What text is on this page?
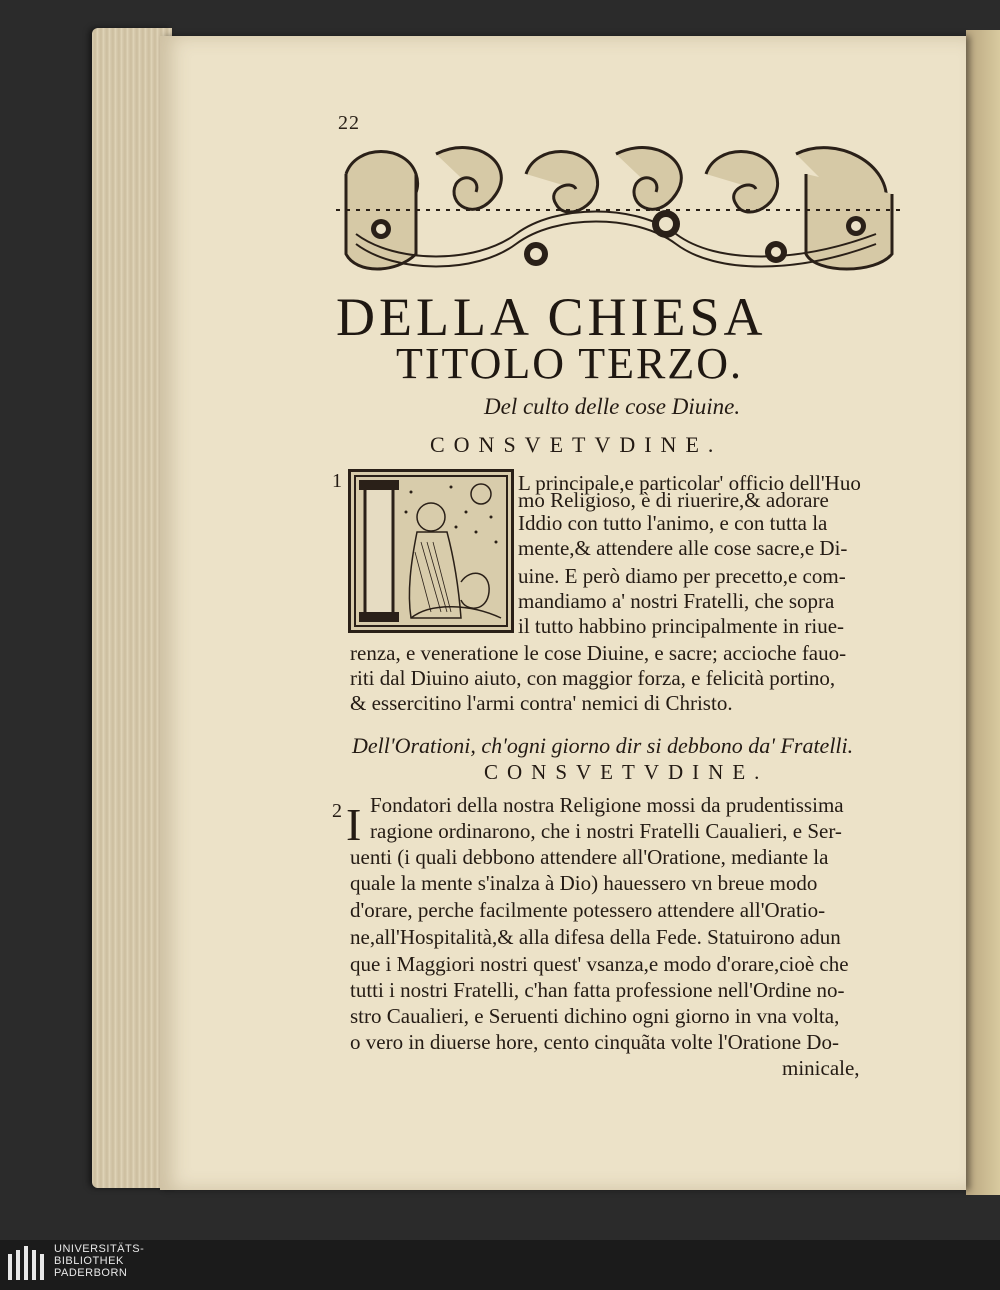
22
DELLA CHIESA
TITOLO TERZO.
Del culto delle cose Diuine.
CONSVETVDINE.
1	L principale,e particolar' officio dell'Huo
mo Religioso, è di riuerire,& adorare
Iddio con tutto l'animo, e con tutta la
mente,& attendere alle cose sacre,e Di-
uine. E però diamo per precetto,e com-
mandiamo a' nostri Fratelli, che sopra
il tutto habbino principalmente in riue-
renza, e veneratione le cose Diuine, e sacre; accioche fauo-
riti dal Diuino aiuto, con maggior forza, e felicità portino,
& essercitino l'armi contra' nemici di Christo.
Dell'Orationi, ch'ogni giorno dir si debbono da' Fratelli.
CONSVETVDINE.
2 I Fondatori della nostra Religione mossi da prudentissima
ragione ordinarono, che i nostri Fratelli Caualieri, e Ser-
uenti (i quali debbono attendere all'Oratione, mediante la
quale la mente s'inalza à Dio) hauessero vn breue modo
d'orare, perche facilmente potessero attendere all'Oratio-
ne,all'Hospitalità,& alla difesa della Fede. Statuirono adun
que i Maggiori nostri quest' vsanza,e modo d'orare,cioè che
tutti i nostri Fratelli, c'han fatta professione nell'Ordine no-
stro Caualieri, e Seruenti dichino ogni giorno in vna volta,
o vero in diuerse hore, cento cinquãta volte l'Oratione Do-
minicale,
UNIVERSITÄTS-
BIBLIOTHEK
PADERBORN
